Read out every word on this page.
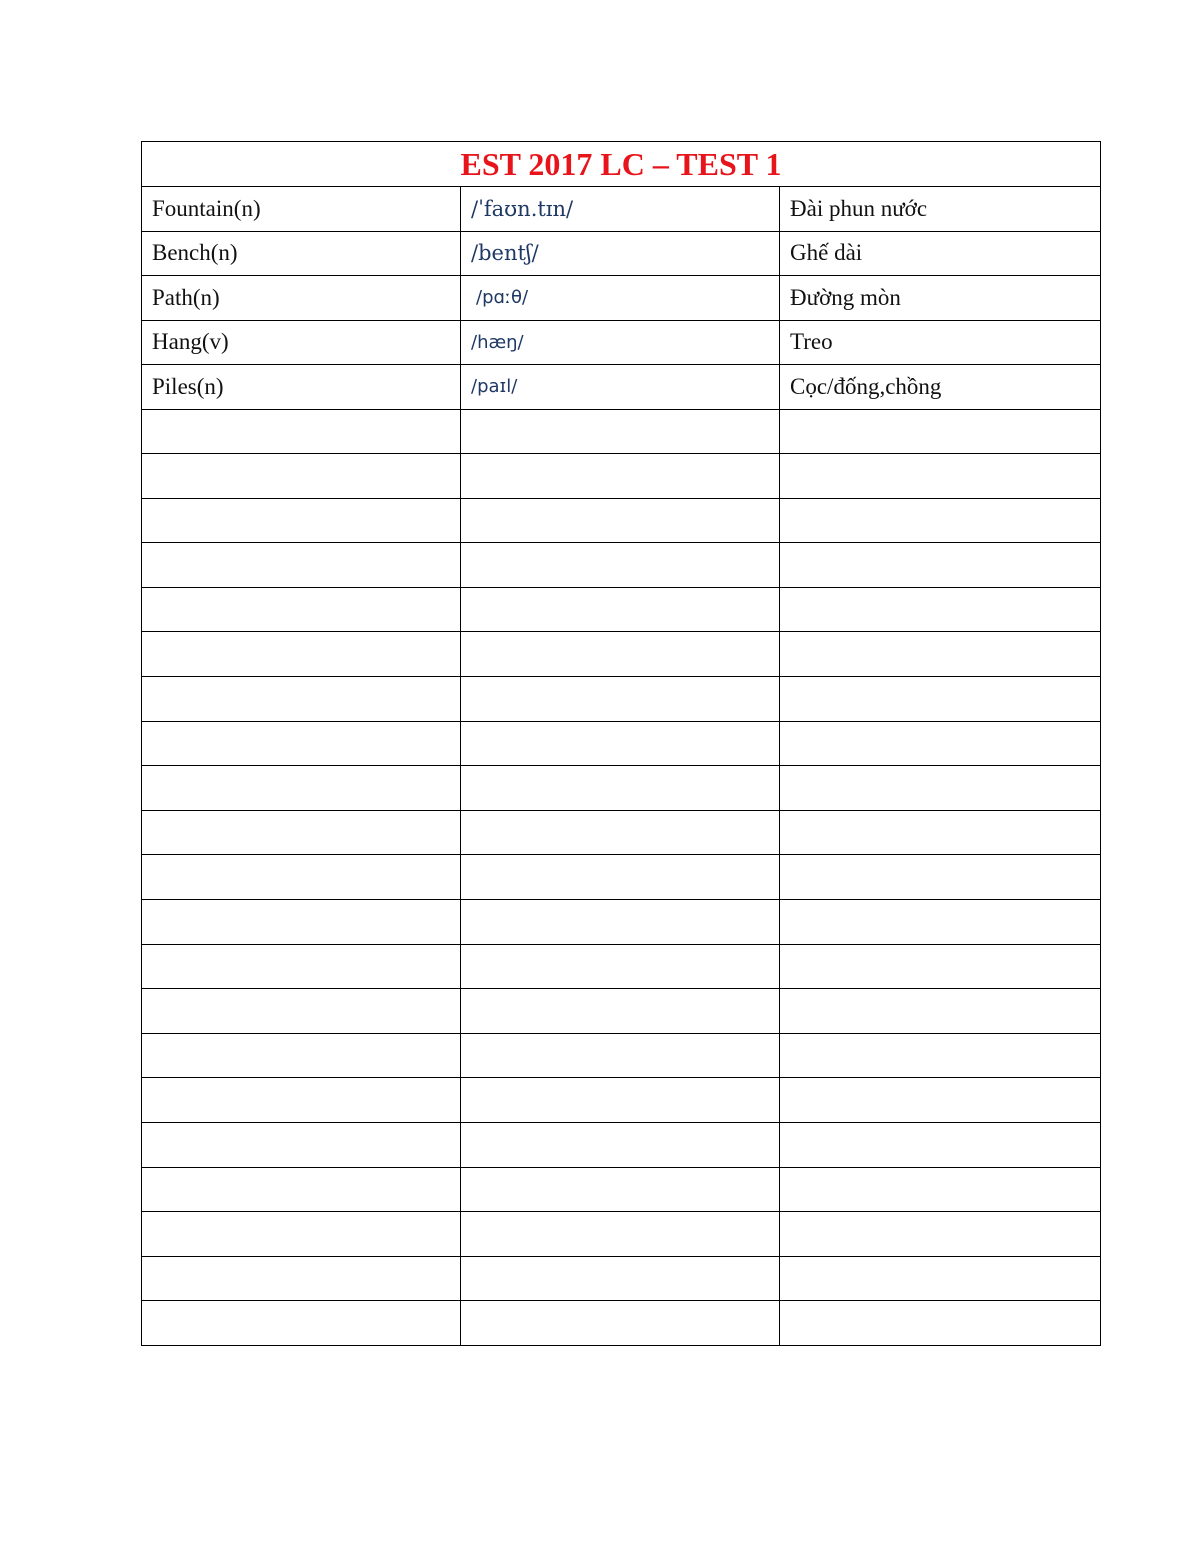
EST 2017 LC – TEST 1		
Fountain(n)	/ˈfaʊn.tɪn/	Đài phun nước
Bench(n)	/bentʃ/	Ghế dài
Path(n)	/pɑːθ/	Đường mòn
Hang(v)	/hæŋ/	Treo
Piles(n)	/paɪl/	Cọc/đống,chồng
